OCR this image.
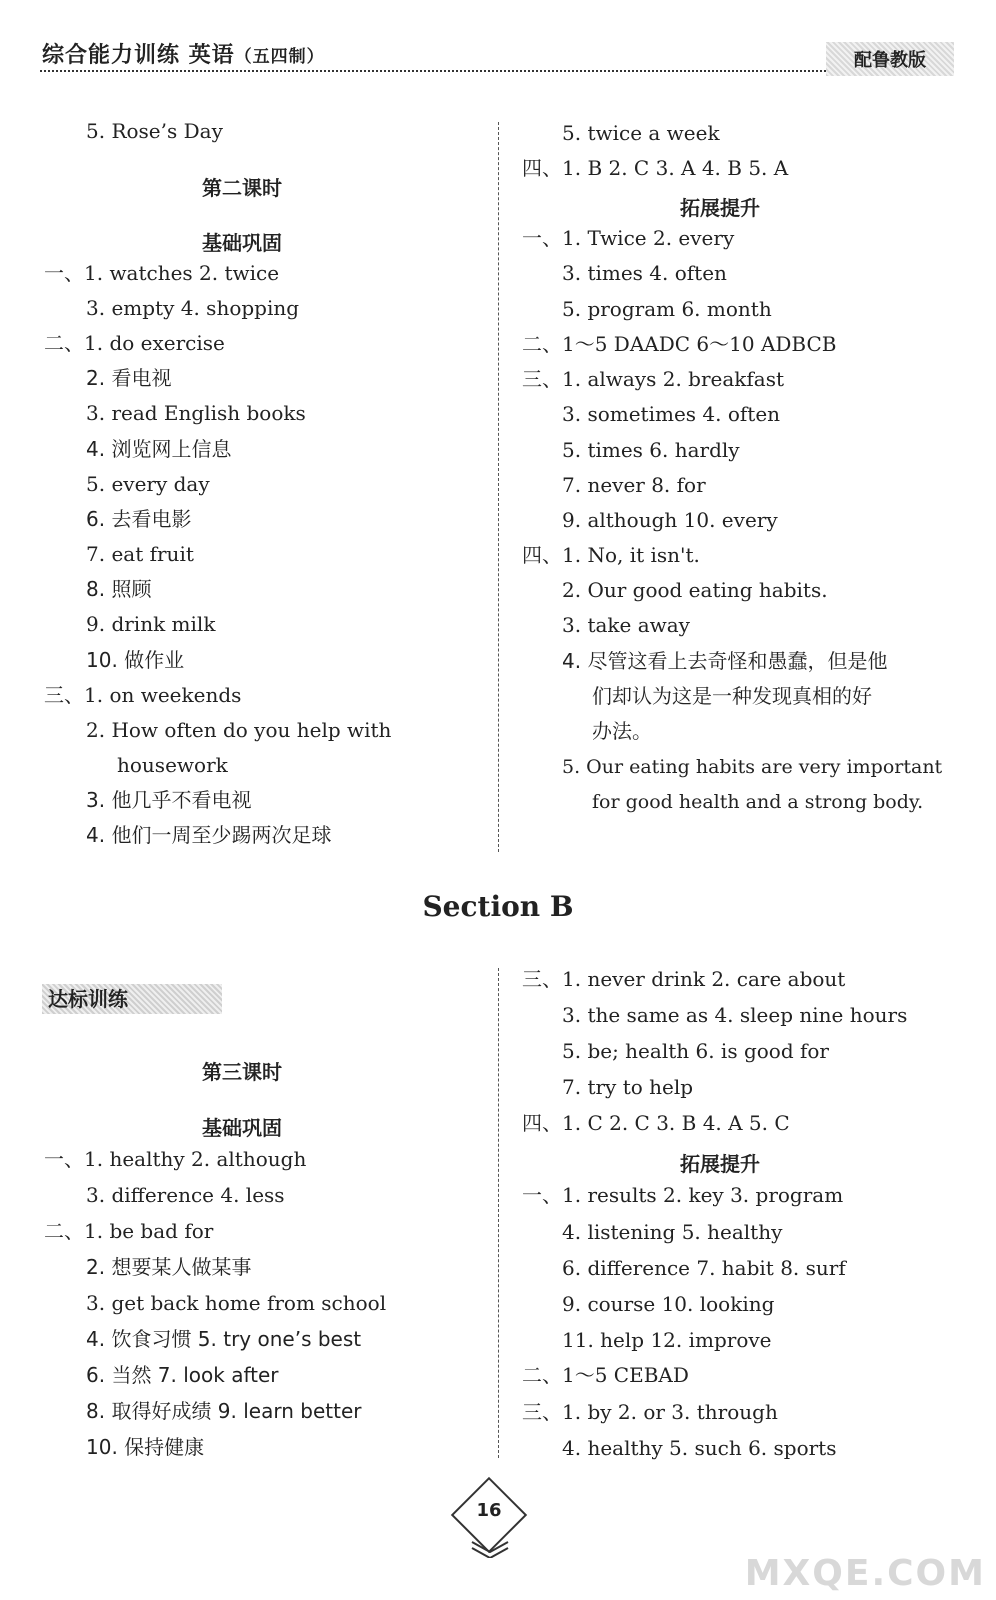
综合能力训练 英语（五四制）	配鲁教版
5. Rose’s Day
第二课时
基础巩固
一、1. watches 2. twice
3. empty 4. shopping
二、1. do exercise
2. 看电视
3. read English books
4. 浏览网上信息
5. every day
6. 去看电影
7. eat fruit
8. 照顾
9. drink milk
10. 做作业
三、1. on weekends
2. How often do you help with
housework
3. 他几乎不看电视
4. 他们一周至少踢两次足球
5. twice a week
四、1. B 2. C 3. A 4. B 5. A
拓展提升
一、1. Twice 2. every
3. times 4. often
5. program 6. month
二、1～5 DAADC 6～10 ADBCB
三、1. always 2. breakfast
3. sometimes 4. often
5. times 6. hardly
7. never 8. for
9. although 10. every
四、1. No, it isn't.
2. Our good eating habits.
3. take away
4. 尽管这看上去奇怪和愚蠢，但是他
们却认为这是一种发现真相的好
办法。
5. Our eating habits are very important
for good health and a strong body.
Section B
达标训练
第三课时
基础巩固
一、1. healthy 2. although
3. difference 4. less
二、1. be bad for
2. 想要某人做某事
3. get back home from school
4. 饮食习惯 5. try one’s best
6. 当然 7. look after
8. 取得好成绩 9. learn better
10. 保持健康
三、1. never drink 2. care about
3. the same as 4. sleep nine hours
5. be; health 6. is good for
7. try to help
四、1. C 2. C 3. B 4. A 5. C
拓展提升
一、1. results 2. key 3. program
4. listening 5. healthy
6. difference 7. habit 8. surf
9. course 10. looking
11. help 12. improve
二、1～5 CEBAD
三、1. by 2. or 3. through
4. healthy 5. such 6. sports
16
MXQE.COM
